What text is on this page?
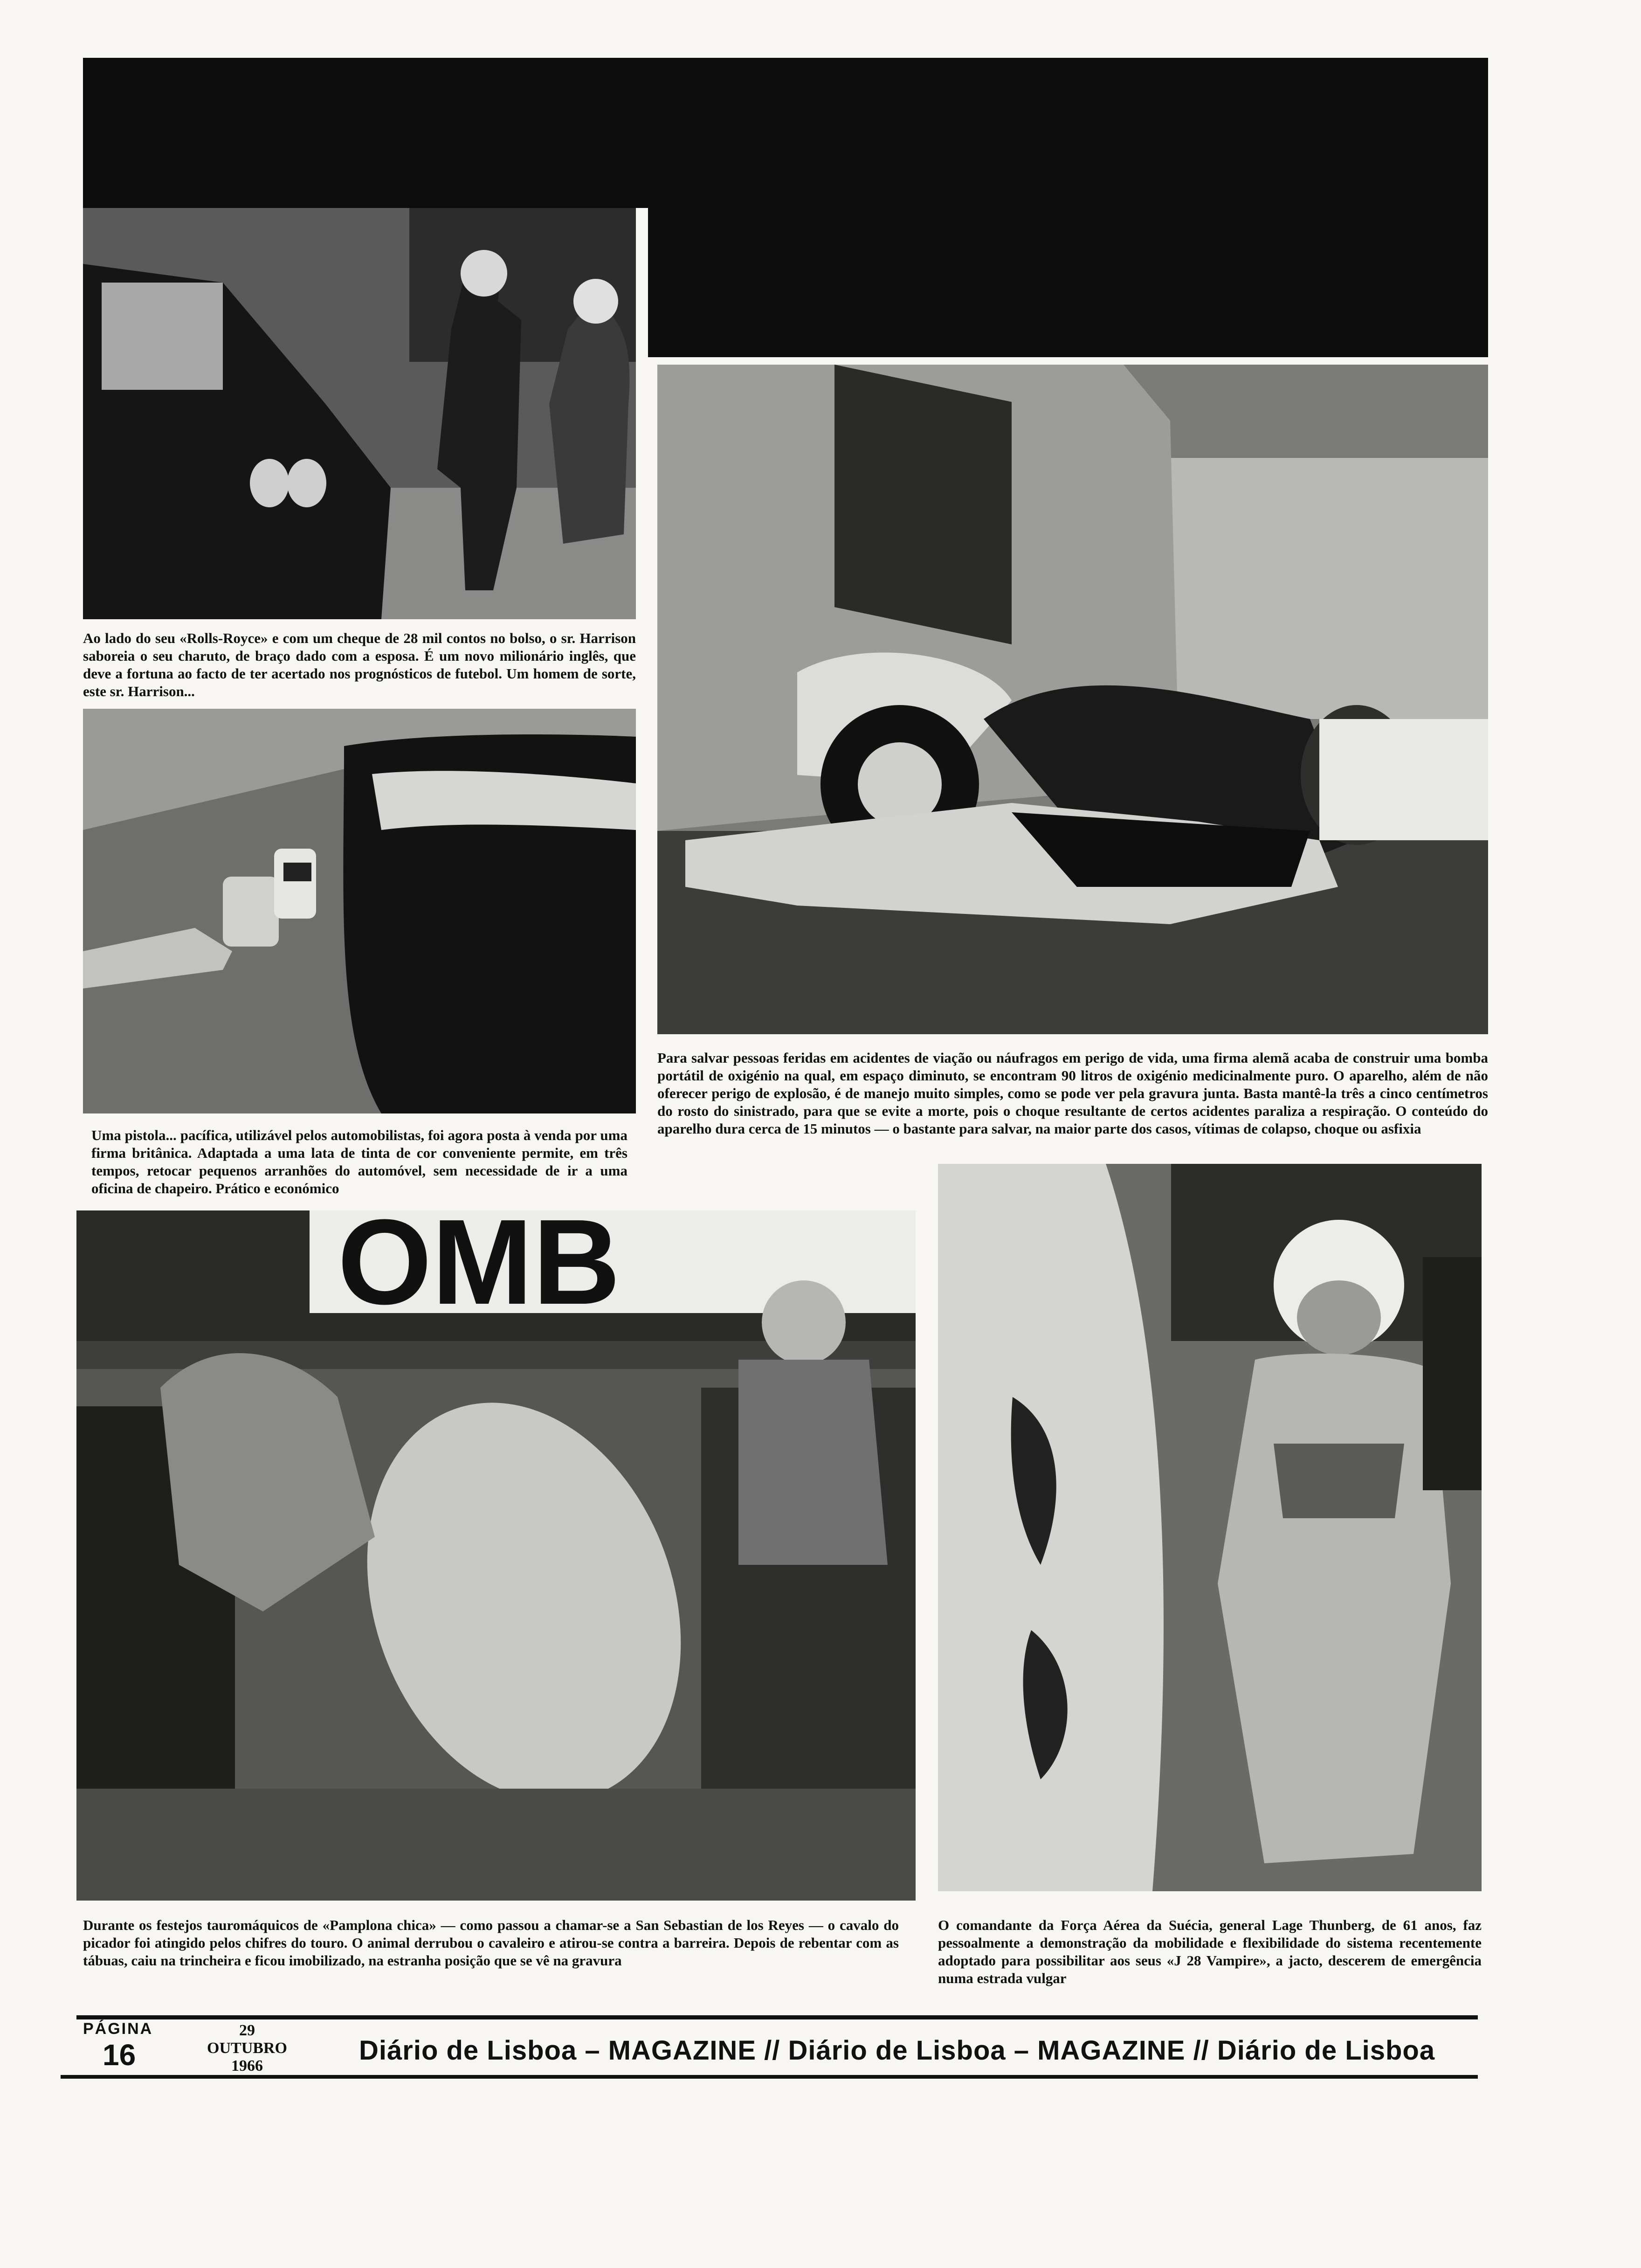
Ao lado do seu «Rolls-Royce» e com um cheque de 28 mil contos no bolso, o sr. Harrison saboreia o seu charuto, de braço dado com a esposa. É um novo milionário inglês, que deve a fortuna ao facto de ter acertado nos prognósticos de futebol. Um homem de sorte, este sr. Harrison...

Uma pistola... pacífica, utilizável pelos automobilistas, foi agora posta à venda por uma firma britânica. Adaptada a uma lata de tinta de cor conveniente permite, em três tempos, retocar pequenos arranhões do automóvel, sem necessidade de ir a uma oficina de chapeiro. Prático e económico

Para salvar pessoas feridas em acidentes de viação ou náufragos em perigo de vida, uma firma alemã acaba de construir uma bomba portátil de oxigénio na qual, em espaço diminuto, se encontram 90 litros de oxigénio medicinalmente puro. O aparelho, além de não oferecer perigo de explosão, é de manejo muito simples, como se pode ver pela gravura junta. Basta mantê-la três a cinco centímetros do rosto do sinistrado, para que se evite a morte, pois o choque resultante de certos acidentes paraliza a respiração. O conteúdo do aparelho dura cerca de 15 minutos — o bastante para salvar, na maior parte dos casos, vítimas de colapso, choque ou asfixia

OMB

Durante os festejos tauromáquicos de «Pamplona chica» — como passou a chamar-se a San Sebastian de los Reyes — o cavalo do picador foi atingido pelos chifres do touro. O animal derrubou o cavaleiro e atirou-se contra a barreira. Depois de rebentar com as tábuas, caiu na trincheira e ficou imobilizado, na estranha posição que se vê na gravura

O comandante da Força Aérea da Suécia, general Lage Thunberg, de 61 anos, faz pessoalmente a demonstração da mobilidade e flexibilidade do sistema recentemente adoptado para possibilitar aos seus «J 28 Vampire», a jacto, descerem de emergência numa estrada vulgar

PÁGINA
16
29
OUTUBRO
1966
Diário de Lisboa – MAGAZINE // Diário de Lisboa – MAGAZINE // Diário de Lisboa
